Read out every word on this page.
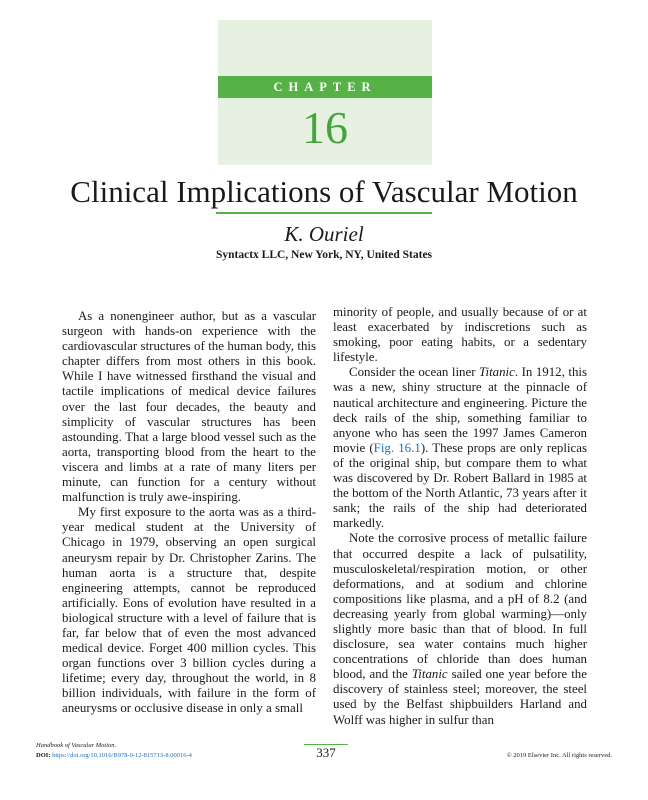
CHAPTER
16
Clinical Implications of Vascular Motion
K. Ouriel
Syntactx LLC, New York, NY, United States

As a nonengineer author, but as a vascular surgeon with hands-on experience with the cardiovascular structures of the human body, this chapter differs from most others in this book. While I have witnessed firsthand the visual and tactile implications of medical device failures over the last four decades, the beauty and simplicity of vascular structures has been astounding. That a large blood vessel such as the aorta, transporting blood from the heart to the viscera and limbs at a rate of many liters per minute, can function for a century without malfunction is truly awe-inspiring.

My first exposure to the aorta was as a third-year medical student at the University of Chicago in 1979, observing an open surgical aneurysm repair by Dr. Christopher Zarins. The human aorta is a structure that, despite engineering attempts, cannot be reproduced artificially. Eons of evolution have resulted in a biological structure with a level of failure that is far, far below that of even the most advanced medical device. Forget 400 million cycles. This organ functions over 3 billion cycles during a lifetime; every day, throughout the world, in 8 billion individuals, with failure in the form of aneurysms or occlusive disease in only a small

minority of people, and usually because of or at least exacerbated by indiscretions such as smoking, poor eating habits, or a sedentary lifestyle.

Consider the ocean liner Titanic. In 1912, this was a new, shiny structure at the pinnacle of nautical architecture and engineering. Picture the deck rails of the ship, something familiar to anyone who has seen the 1997 James Cameron movie (Fig. 16.1). These props are only replicas of the original ship, but compare them to what was discovered by Dr. Robert Ballard in 1985 at the bottom of the North Atlantic, 73 years after it sank; the rails of the ship had deteriorated markedly.

Note the corrosive process of metallic failure that occurred despite a lack of pulsatility, musculoskeletal/respiration motion, or other deformations, and at sodium and chlorine compositions like plasma, and a pH of 8.2 (and decreasing yearly from global warming)—only slightly more basic than that of blood. In full disclosure, sea water contains much higher concentrations of chloride than does human blood, and the Titanic sailed one year before the discovery of stainless steel; moreover, the steel used by the Belfast shipbuilders Harland and Wolff was higher in sulfur than

Handbook of Vascular Motion.
DOI: https://doi.org/10.1016/B978-0-12-815713-8.00016-4	337	© 2019 Elsevier Inc. All rights reserved.
